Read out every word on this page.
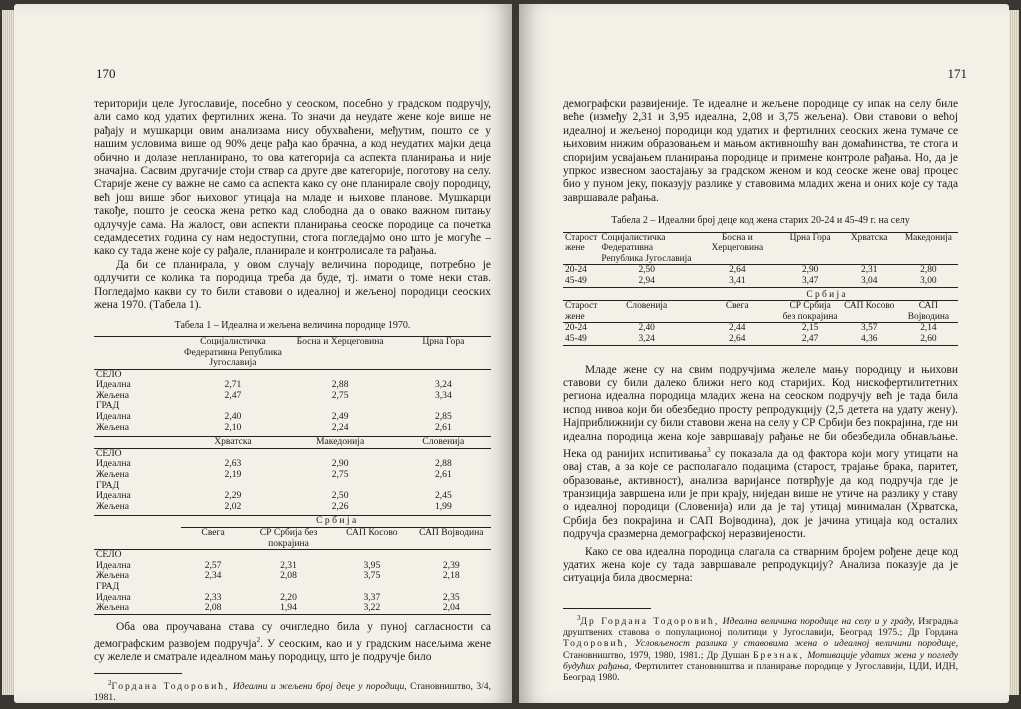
170

територији целе Југославије, посебно у сеоском, посебно у градском подручју, али само код удатих фертилних жена. То значи да неудате жене које више не рађају и мушкарци овим анализама нису обухваћени, међутим, пошто се у нашим условима више од 90% деце рађа као брачна, а код неудатих мајки деца обично и долазе непланирано, то ова категорија са аспекта планирања и није значајна. Сасвим другачије стоји ствар са друге две категорије, поготову на селу. Старије жене су важне не само са аспекта како су оне планирале своју породицу, већ још више због њиховог утицаја на младе и њихове планове. Мушкарци такође, пошто је сеоска жена ретко кад слободна да о овако важном питању одлучује сама. На жалост, ови аспекти планирања сеоске породице са почетка седамдесетих година су нам недоступни, стога погледајмо оно што је могуће – како су тада жене које су рађале, планирале и контролисале та рађања.

Да би се планирала, у овом случају величина породице, потребно је одлучити се колика та породица треба да буде, тј. имати о томе неки став. Погледајмо какви су то били ставови о идеалној и жељеној породици сеоских жена 1970. (Табела 1).

Табела 1 – Идеална и жељена величина породице 1970.
	Социјалистичка Федеративна Република Југославија	Босна и Херцеговина	Црна Гора
СЕЛО			
Идеална	2,71	2,88	3,24
Жељена	2,47	2,75	3,34
ГРАД			
Идеална	2,40	2,49	2,85
Жељена	2,10	2,24	2,61
	Хрватска	Македонија	Словенија
СЕЛО			
Идеална	2,63	2,90	2,88
Жељена	2,19	2,75	2,61
ГРАД			
Идеална	2,29	2,50	2,45
Жељена	2,02	2,26	1,99
	С р б и ј а			
	Свега	СР Србија без покрајина	САП Косово	САП Војводина
СЕЛО				
Идеална	2,57	2,31	3,95	2,39
Жељена	2,34	2,08	3,75	2,18
ГРАД				
Идеална	2,33	2,20	3,37	2,35
Жељена	2,08	1,94	3,22	2,04

Оба ова проучавана става су очигледно била у пуној сагласности са демографским развојем подручја$^2$. У сеоским, као и у градским насељима жене су желеле и сматрале идеалном мању породицу, што је подручје било

$^2$Гордана Тодоровић, Идеални и жељени број деце у породици, Становништво, 3/4, 1981.

171

демографски развијеније. Те идеалне и жељене породице су ипак на селу биле веће (између 2,31 и 3,95 идеална, 2,08 и 3,75 жељена). Ови ставови о већој идеалној и жељеној породици код удатих и фертилних сеоских жена тумаче се њиховим нижим образовањем и мањом активношћу ван домаћинства, те стога и споријим усвајањем планирања породице и примене контроле рађања. Но, да је упркос извесном заостајању за градском женом и код сеоске жене овај процес био у пуном јеку, показују разлике у ставовима младих жена и оних које су тада завршавале рађања.

Табела 2 – Идеални број деце код жена старих 20-24 и 45-49 г. на селу
Старост жене	Социјалистичка Федеративна Република Југославија	Босна и Херцеговина	Црна Гора	Хрватска	Македонија
20-24	2,50	2,64	2,90	2,31	2,80
45-49	2,94	3,41	3,47	3,04	3,00
		С р б и ј а			
Старост жене	Словенија	Свега	СР Србија без покрајина	САП Косово	САП Војводина
20-24	2,40	2,44	2,15	3,57	2,14
45-49	3,24	2,64	2,47	4,36	2,60

Младе жене су на свим подручјима желеле мању породицу и њихови ставови су били далеко ближи него код старијих. Код нискофертилитетних региона идеална породица младих жена на сеоском подручју већ је тада била испод нивоа који би обезбедио просту репродукцију (2,5 детета на удату жену). Најприближнији су били ставови жена на селу у СР Србији без покрајина, где ни идеална породица жена које завршавају рађање не би обезбедила обнављање. Нека од ранијих испитивања$^3$ су показала да од фактора који могу утицати на овај став, а за које се располагало подацима (старост, трајање брака, паритет, образовање, активност), анализа варијансе потврђује да код подручја где је транзиција завршена или је при крају, ниједан више не утиче на разлику у ставу о идеалној породици (Словенија) или да је тај утицај минималан (Хрватска, Србија без покрајина и САП Војводина), док је јачина утицаја код осталих подручја сразмерна демографској неразвијености.

Како се ова идеална породица слагала са стварним бројем рођене деце код удатих жена које су тада завршавале репродукцију? Анализа показује да је ситуација била двосмерна:

$^3$Др Гордана Тодоровић, Идеална величина породице на селу и у граду, Изградња друштвених ставова о популационој политици у Југославији, Београд 1975.; Др Гордана Тодоровић, Условљеност разлика у ставовима жена о идеалној величини породице, Становништво, 1979, 1980, 1981.; Др Душан Брезнак, Мотивације удатих жена у погледу будућих рађања, Фертилитет становништва и планирање породице у Југославији, ЦДИ, ИДН, Београд 1980.
